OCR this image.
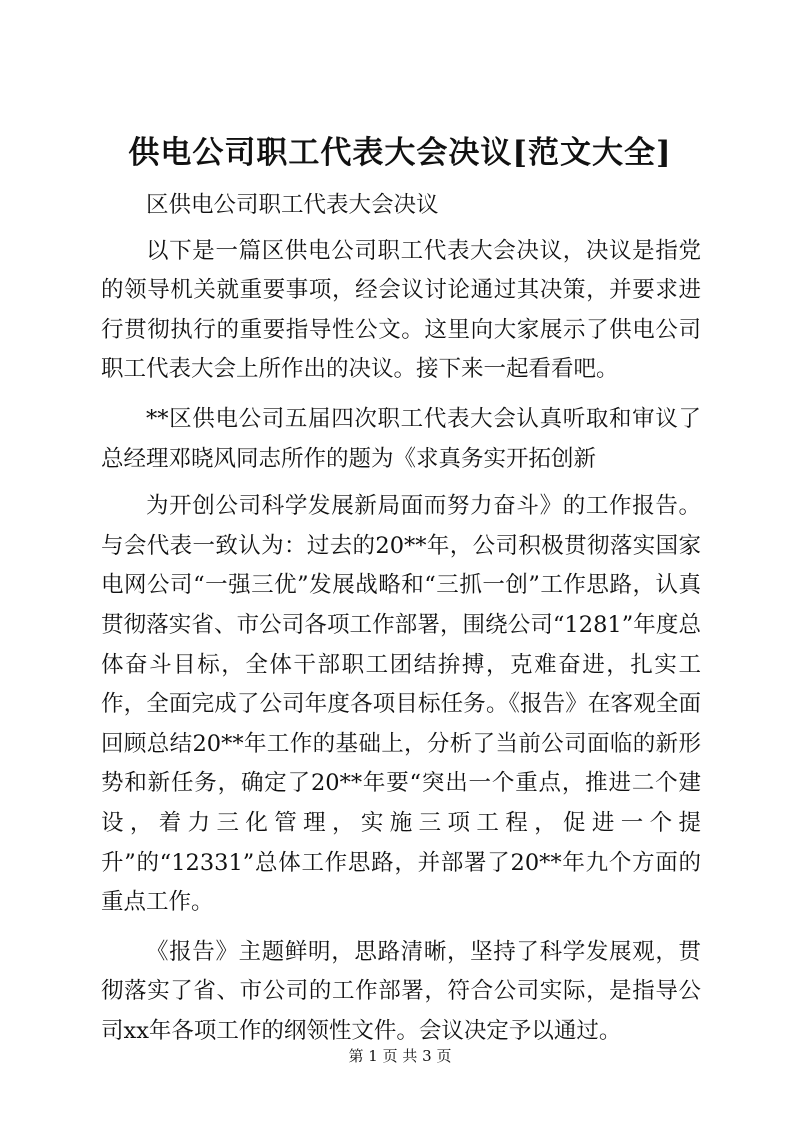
供电公司职工代表大会决议[范文大全]

区供电公司职工代表大会决议

以下是一篇区供电公司职工代表大会决议，决议是指党的领导机关就重要事项，经会议讨论通过其决策，并要求进行贯彻执行的重要指导性公文。这里向大家展示了供电公司职工代表大会上所作出的决议。接下来一起看看吧。

**区供电公司五届四次职工代表大会认真听取和审议了总经理邓晓风同志所作的题为《求真务实开拓创新

为开创公司科学发展新局面而努力奋斗》的工作报告。与会代表一致认为：过去的20**年，公司积极贯彻落实国家电网公司“一强三优”发展战略和“三抓一创”工作思路，认真贯彻落实省、市公司各项工作部署，围绕公司“1281”年度总体奋斗目标，全体干部职工团结拚搏，克难奋进，扎实工作，全面完成了公司年度各项目标任务。《报告》在客观全面回顾总结20**年工作的基础上，分析了当前公司面临的新形势和新任务，确定了20**年要“突出一个重点，推进二个建设，着力三化管理，实施三项工程，促进一个提升”的“12331”总体工作思路，并部署了20**年九个方面的重点工作。

《报告》主题鲜明，思路清晰，坚持了科学发展观，贯彻落实了省、市公司的工作部署，符合公司实际，是指导公司xx年各项工作的纲领性文件。会议决定予以通过。

第 1 页 共 3 页
